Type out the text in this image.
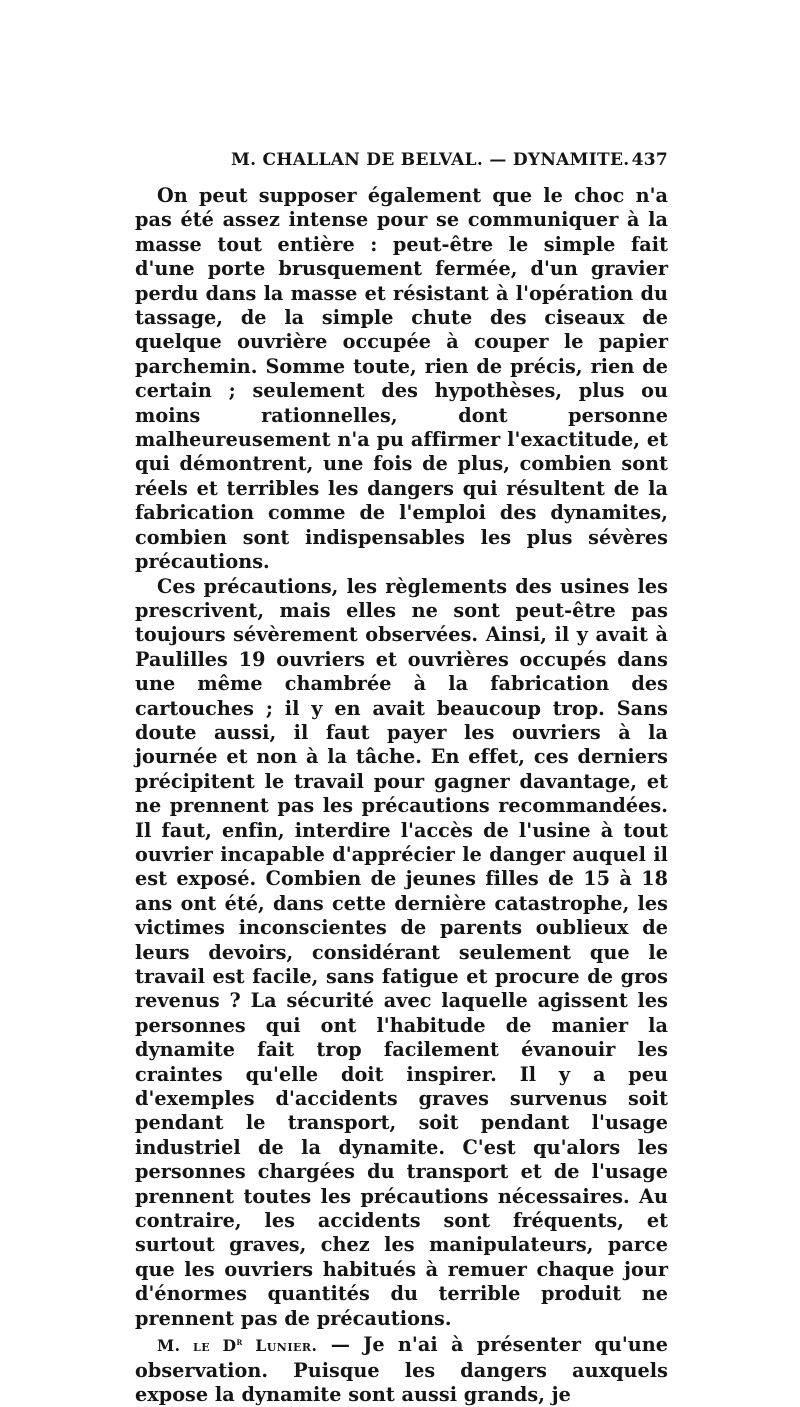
M. CHALLAN DE BELVAL. — DYNAMITE. 437

On peut supposer également que le choc n'a pas été assez intense pour se communiquer à la masse tout entière : peut-être le simple fait d'une porte brusquement fermée, d'un gravier perdu dans la masse et résistant à l'opération du tassage, de la simple chute des ciseaux de quelque ouvrière occupée à couper le papier parchemin. Somme toute, rien de précis, rien de certain ; seulement des hypothèses, plus ou moins rationnelles, dont personne malheureusement n'a pu affirmer l'exactitude, et qui démontrent, une fois de plus, combien sont réels et terribles les dangers qui résultent de la fabrication comme de l'emploi des dynamites, combien sont indispensables les plus sévères précautions.

Ces précautions, les règlements des usines les prescrivent, mais elles ne sont peut-être pas toujours sévèrement observées. Ainsi, il y avait à Paulilles 19 ouvriers et ouvrières occupés dans une même chambrée à la fabrication des cartouches ; il y en avait beaucoup trop. Sans doute aussi, il faut payer les ouvriers à la journée et non à la tâche. En effet, ces derniers précipitent le travail pour gagner davantage, et ne prennent pas les précautions recommandées. Il faut, enfin, interdire l'accès de l'usine à tout ouvrier incapable d'apprécier le danger auquel il est exposé. Combien de jeunes filles de 15 à 18 ans ont été, dans cette dernière catastrophe, les victimes inconscientes de parents oublieux de leurs devoirs, considérant seulement que le travail est facile, sans fatigue et procure de gros revenus ? La sécurité avec laquelle agissent les personnes qui ont l'habitude de manier la dynamite fait trop facilement évanouir les craintes qu'elle doit inspirer. Il y a peu d'exemples d'accidents graves survenus soit pendant le transport, soit pendant l'usage industriel de la dynamite. C'est qu'alors les personnes chargées du transport et de l'usage prennent toutes les précautions nécessaires. Au contraire, les accidents sont fréquents, et surtout graves, chez les manipulateurs, parce que les ouvriers habitués à remuer chaque jour d'énormes quantités du terrible produit ne prennent pas de précautions.

M. le $D^r$ Lunier. — Je n'ai à présenter qu'une observation. Puisque les dangers auxquels expose la dynamite sont aussi grands, je
